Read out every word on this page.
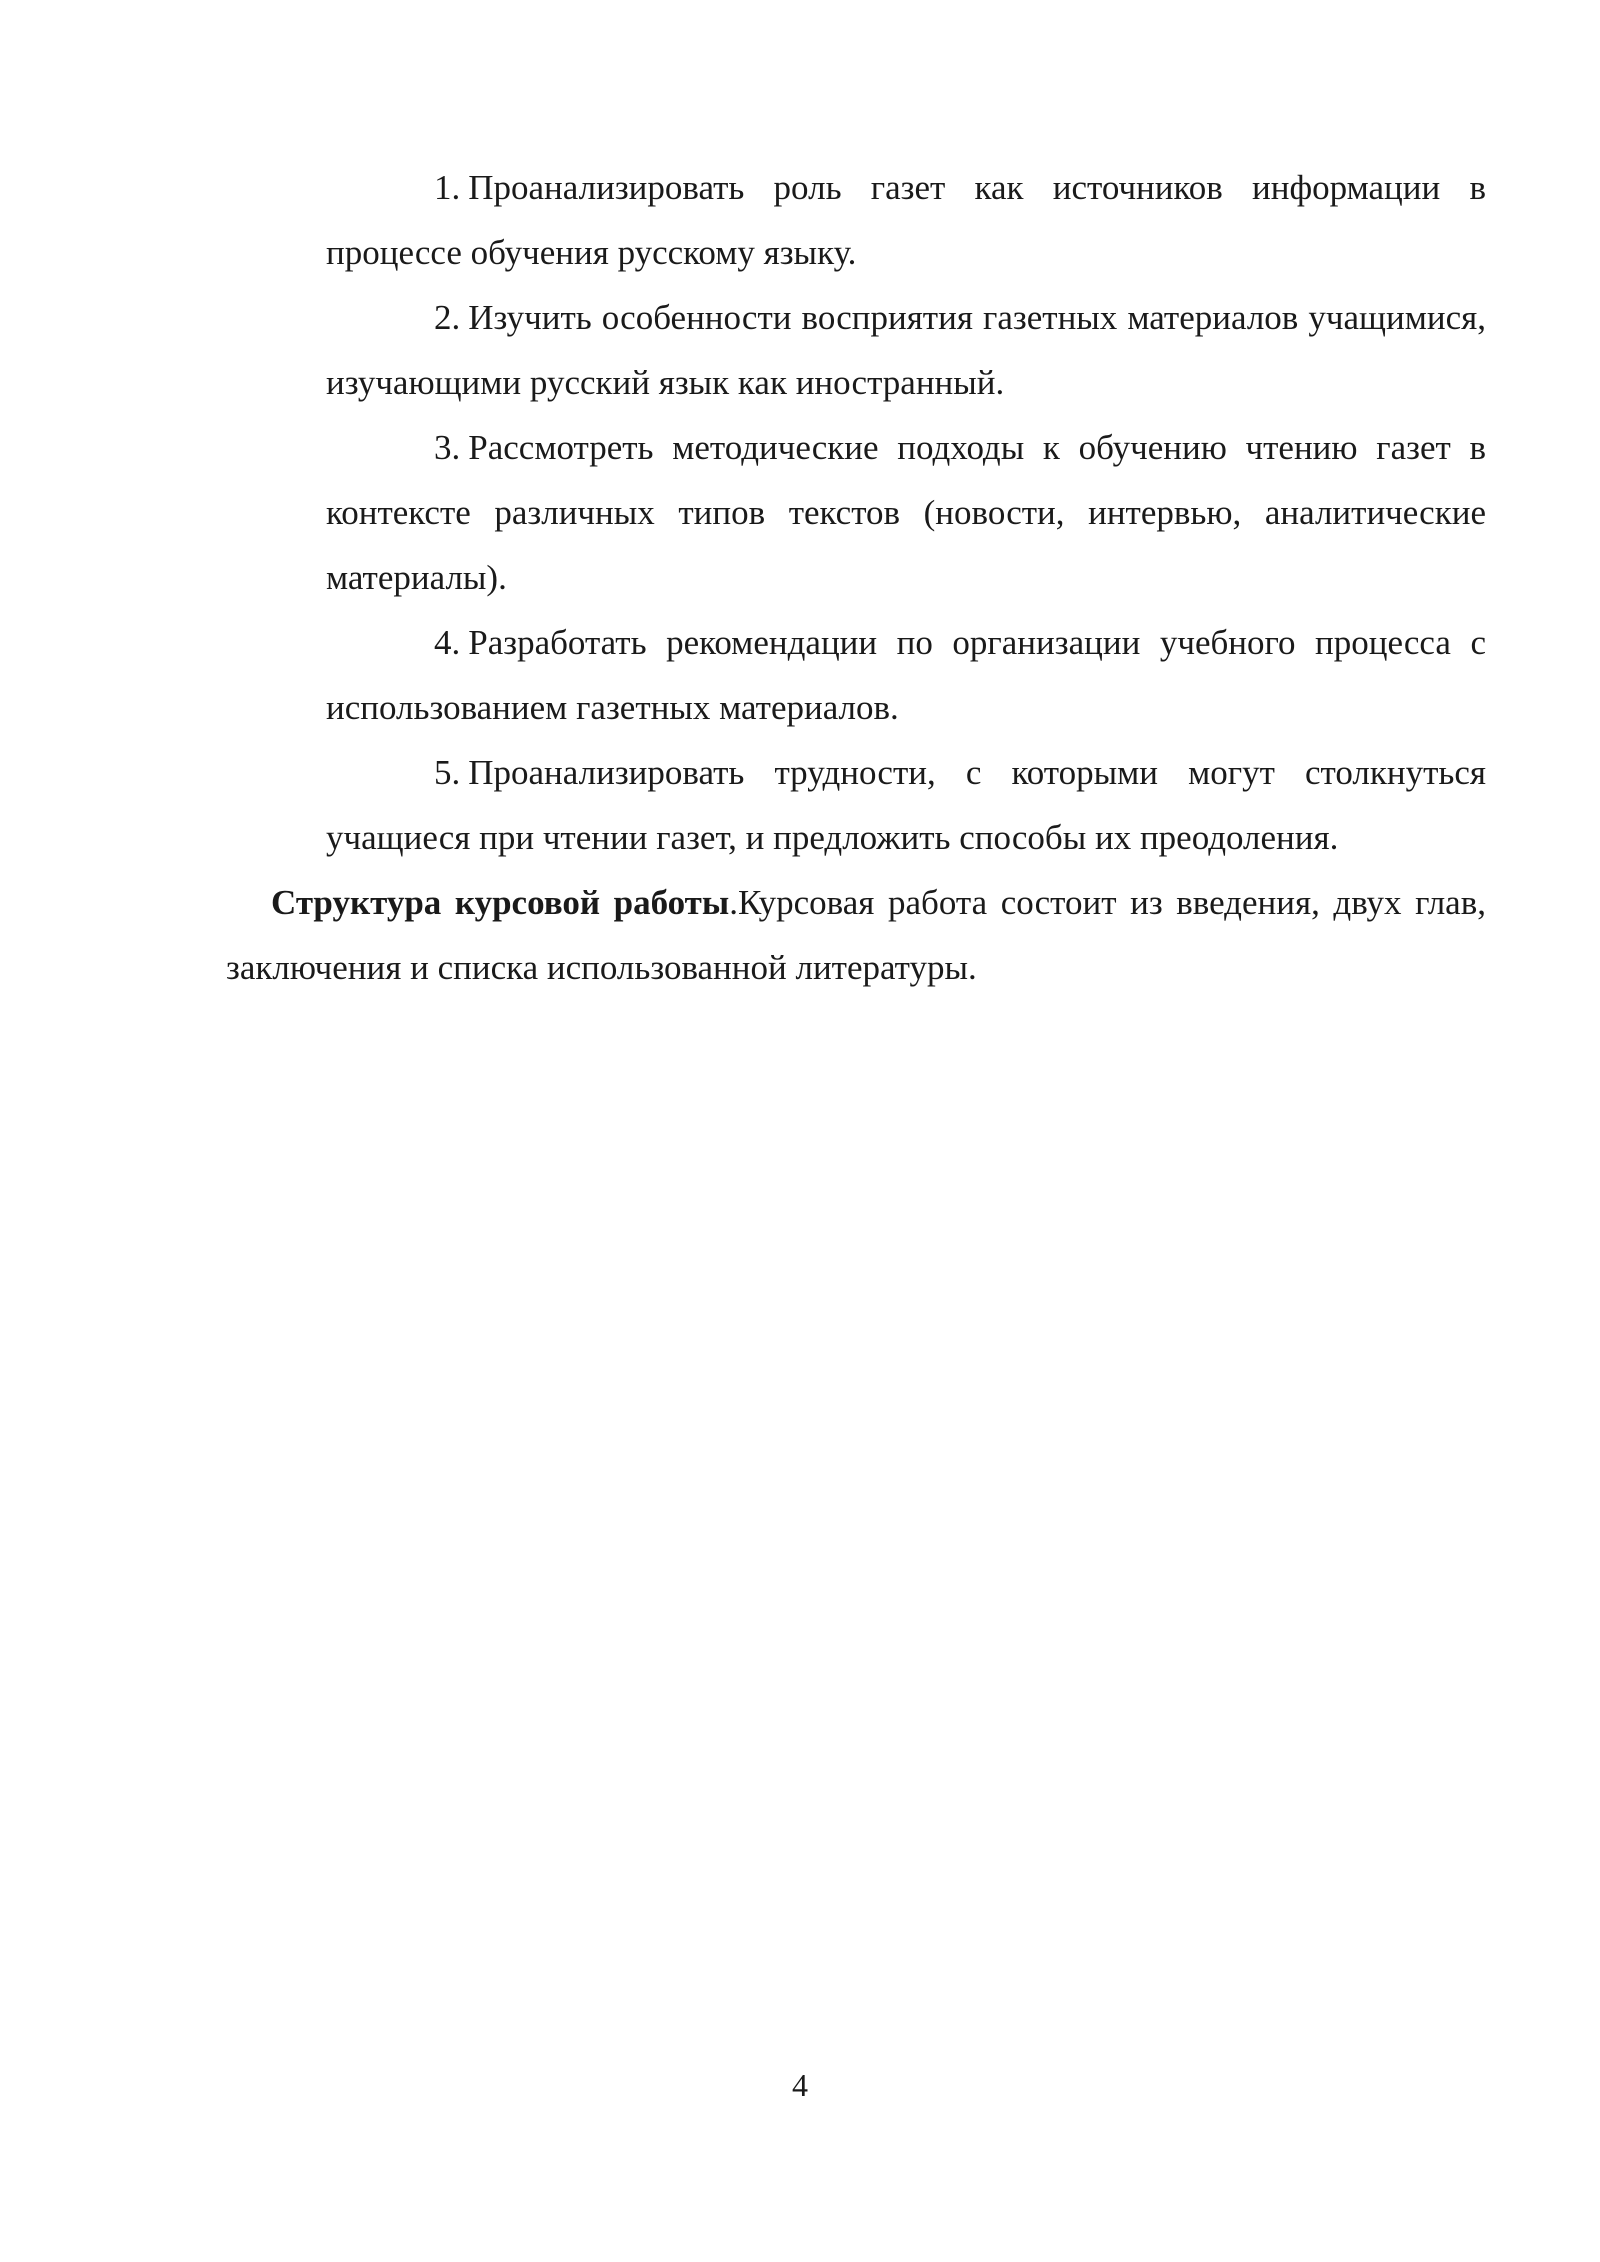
1. Проанализировать роль газет как источников информации в процессе обучения русскому языку.
2. Изучить особенности восприятия газетных материалов учащимися, изучающими русский язык как иностранный.
3. Рассмотреть методические подходы к обучению чтению газет в контексте различных типов текстов (новости, интервью, аналитические материалы).
4. Разработать рекомендации по организации учебного процесса с использованием газетных материалов.
5. Проанализировать трудности, с которыми могут столкнуться учащиеся при чтении газет, и предложить способы их преодоления.

Структура курсовой работы.Курсовая работа состоит из введения, двух глав, заключения и списка использованной литературы.

4
